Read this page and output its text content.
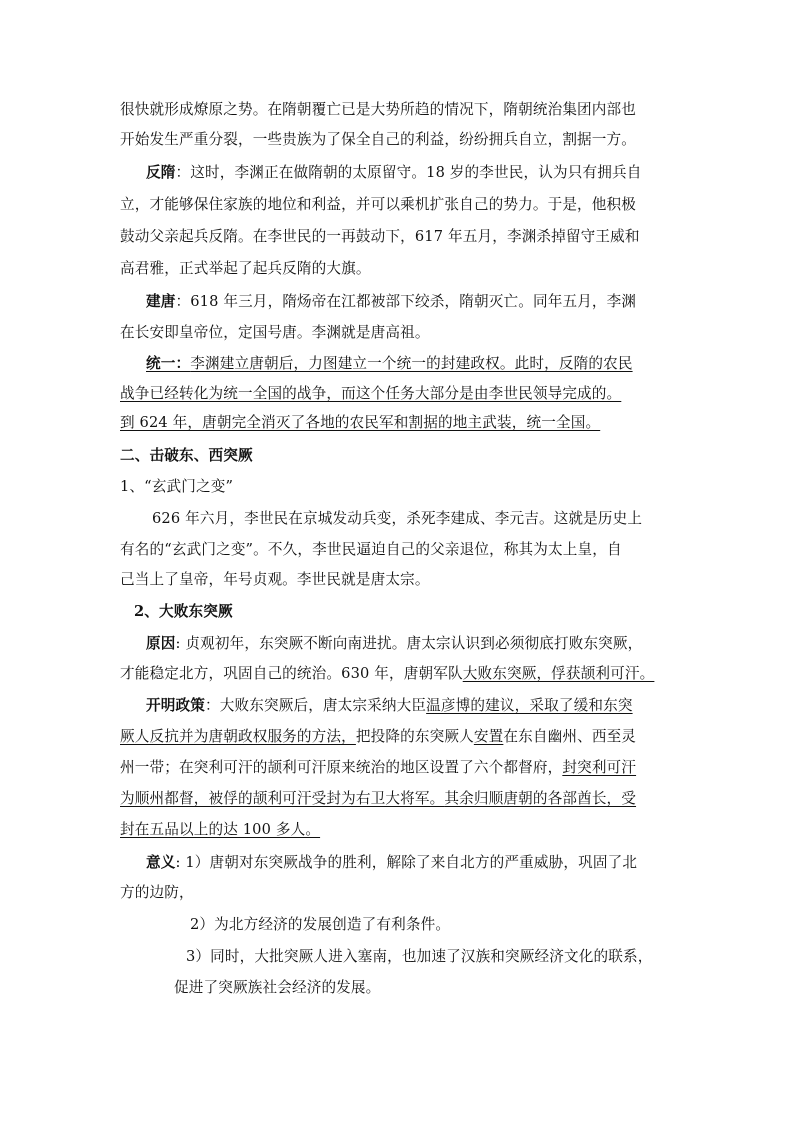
很快就形成燎原之势。在隋朝覆亡已是大势所趋的情况下，隋朝统治集团内部也
开始发生严重分裂，一些贵族为了保全自己的利益，纷纷拥兵自立，割据一方。
反隋：这时，李渊正在做隋朝的太原留守。18 岁的李世民，认为只有拥兵自
立，才能够保住家族的地位和利益，并可以乘机扩张自己的势力。于是，他积极
鼓动父亲起兵反隋。在李世民的一再鼓动下，617 年五月，李渊杀掉留守王威和
高君雅，正式举起了起兵反隋的大旗。
建唐：618 年三月，隋炀帝在江都被部下绞杀，隋朝灭亡。同年五月，李渊
在长安即皇帝位，定国号唐。李渊就是唐高祖。
统一：李渊建立唐朝后，力图建立一个统一的封建政权。此时，反隋的农民
战争已经转化为统一全国的战争，而这个任务大部分是由李世民领导完成的。
到 624 年，唐朝完全消灭了各地的农民军和割据的地主武装，统一全国。
二、击破东、西突厥
1、“玄武门之变”
626 年六月，李世民在京城发动兵变，杀死李建成、李元吉。这就是历史上
有名的“玄武门之变”。不久，李世民逼迫自己的父亲退位，称其为太上皇，自
己当上了皇帝，年号贞观。李世民就是唐太宗。
2、大败东突厥
原因: 贞观初年，东突厥不断向南进扰。唐太宗认识到必须彻底打败东突厥，
才能稳定北方，巩固自己的统治。630 年，唐朝军队大败东突厥，俘获颉利可汗。
开明政策：大败东突厥后，唐太宗采纳大臣温彦博的建议，采取了缓和东突
厥人反抗并为唐朝政权服务的方法，把投降的东突厥人安置在东自幽州、西至灵
州一带；在突利可汗的颉利可汗原来统治的地区设置了六个都督府，封突利可汗
为顺州都督，被俘的颉利可汗受封为右卫大将军。其余归顺唐朝的各部酋长，受
封在五品以上的达 100 多人。
意义: 1）唐朝对东突厥战争的胜利，解除了来自北方的严重威胁，巩固了北
方的边防，
2）为北方经济的发展创造了有利条件。
3）同时，大批突厥人进入塞南，也加速了汉族和突厥经济文化的联系，
促进了突厥族社会经济的发展。
